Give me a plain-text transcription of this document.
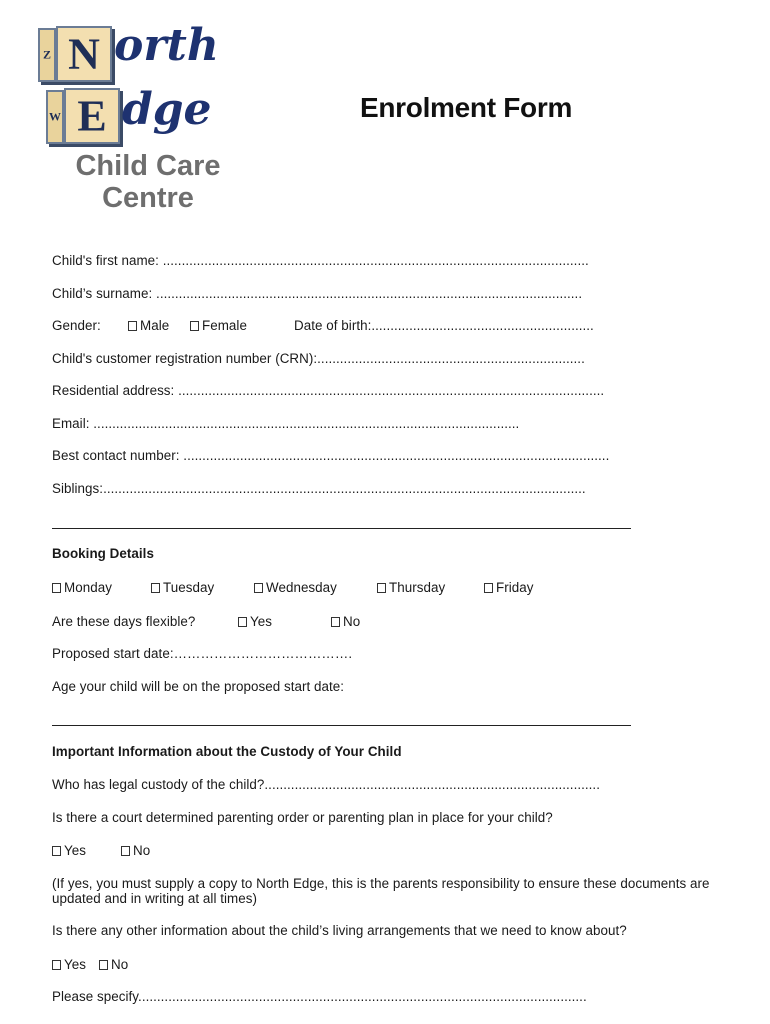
Z N orth
W E dge
Child Care
Centre
Enrolment Form
Child's first name: .................................................................................................................
Child’s surname: .................................................................................................................
Gender:	Male	Female	Date of birth:...........................................................
Child's customer registration number (CRN):.......................................................................
Residential address: .................................................................................................................
Email: .................................................................................................................
Best contact number: .................................................................................................................
Siblings:................................................................................................................................
Booking Details
Monday	Tuesday	Wednesday	Thursday	Friday
Are these days flexible?	Yes	No
Proposed start date:………………………………….
Age your child will be on the proposed start date:
Important Information about the Custody of Your Child
Who has legal custody of the child?.........................................................................................
Is there a court determined parenting order or parenting plan in place for your child?
Yes	No
(If yes, you must supply a copy to North Edge, this is the parents responsibility to ensure these documents are
updated and in writing at all times)
Is there any other information about the child’s living arrangements that we need to know about?
Yes	No
Please specify.......................................................................................................................
